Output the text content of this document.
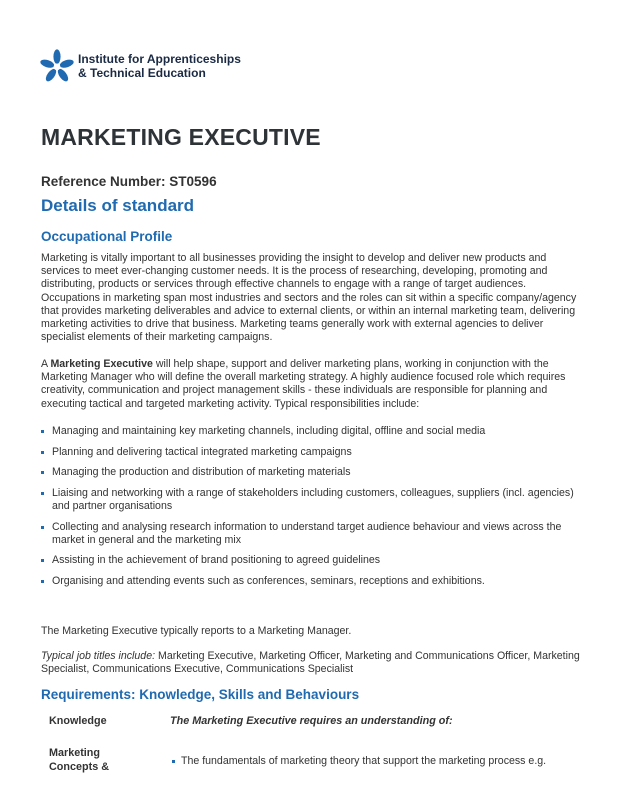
Institute for Apprenticeships
& Technical Education
MARKETING EXECUTIVE
Reference Number: ST0596
Details of standard
Occupational Profile

Marketing is vitally important to all businesses providing the insight to develop and deliver new products and services to meet ever-changing customer needs. It is the process of researching, developing, promoting and distributing, products or services through effective channels to engage with a range of target audiences. Occupations in marketing span most industries and sectors and the roles can sit within a specific company/agency that provides marketing deliverables and advice to external clients, or within an internal marketing team, delivering marketing activities to drive that business. Marketing teams generally work with external agencies to deliver specialist elements of their marketing campaigns.

A Marketing Executive will help shape, support and deliver marketing plans, working in conjunction with the Marketing Manager who will define the overall marketing strategy. A highly audience focused role which requires creativity, communication and project management skills - these individuals are responsible for planning and executing tactical and targeted marketing activity. Typical responsibilities include:

Managing and maintaining key marketing channels, including digital, offline and social media
Planning and delivering tactical integrated marketing campaigns
Managing the production and distribution of marketing materials
Liaising and networking with a range of stakeholders including customers, colleagues, suppliers (incl. agencies) and partner organisations
Collecting and analysing research information to understand target audience behaviour and views across the market in general and the marketing mix
Assisting in the achievement of brand positioning to agreed guidelines
Organising and attending events such as conferences, seminars, receptions and exhibitions.

The Marketing Executive typically reports to a Marketing Manager.

Typical job titles include: Marketing Executive, Marketing Officer, Marketing and Communications Officer, Marketing Specialist, Communications Executive, Communications Specialist

Requirements: Knowledge, Skills and Behaviours
Knowledge	The Marketing Executive requires an understanding of:
Marketing Concepts &	The fundamentals of marketing theory that support the marketing process e.g.
